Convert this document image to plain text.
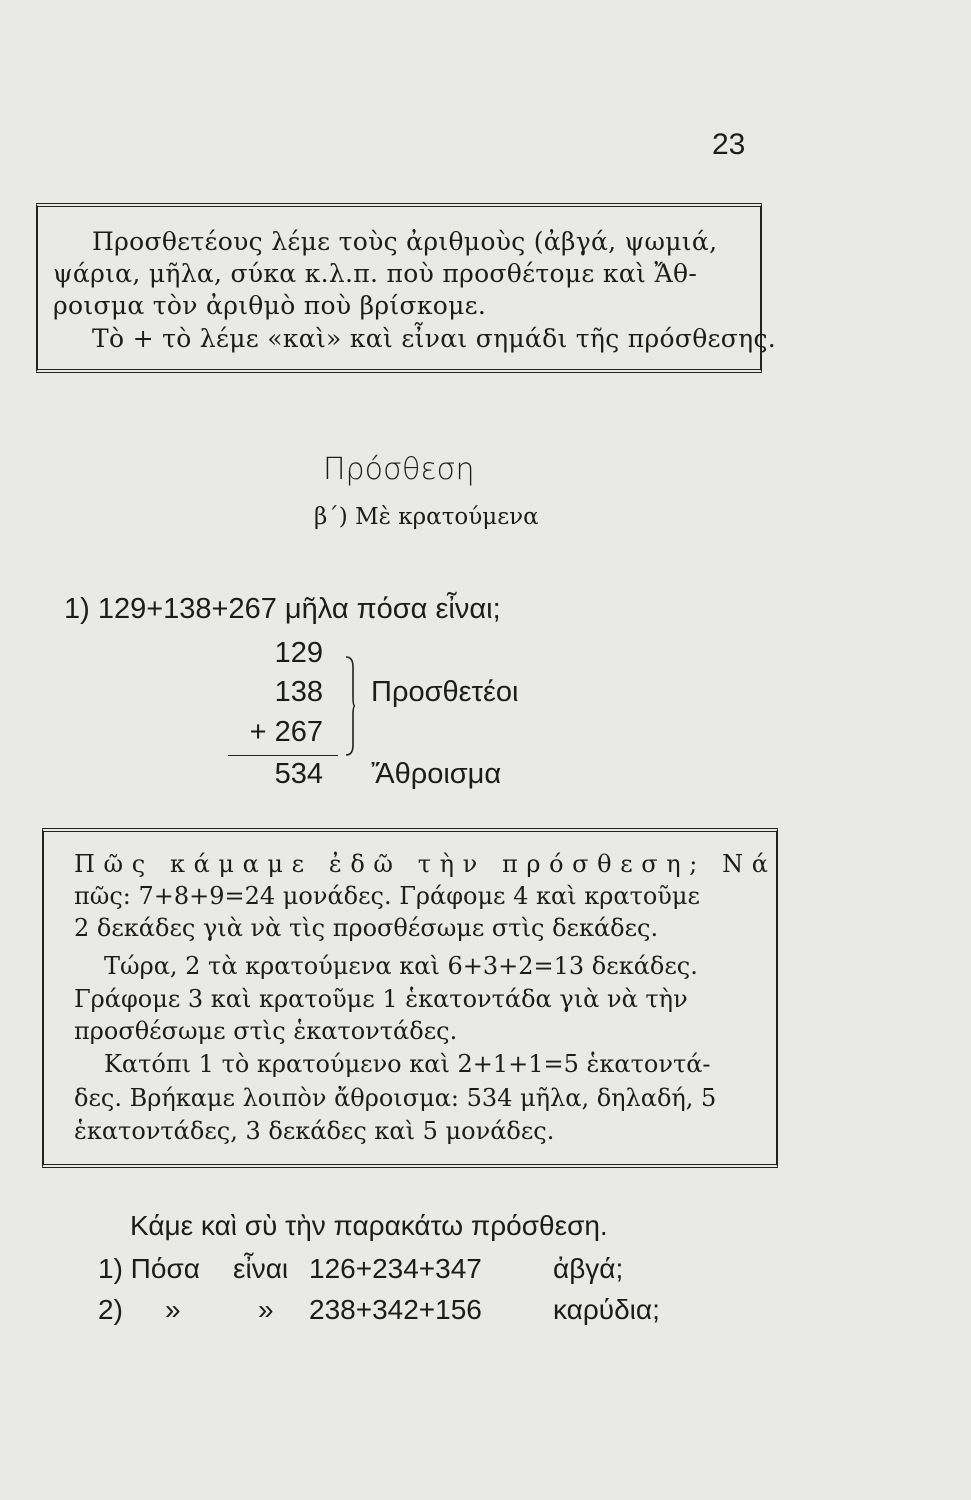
23
Προσθετέους λέμε τοὺς ἀριθμοὺς (ἀβγά, ψωμιά,
ψάρια, μῆλα, σύκα κ.λ.π. ποὺ προσθέτομε καὶ Ἄθ-
ροισμα τὸν ἀριθμὸ ποὺ βρίσκομε.
Τὸ + τὸ λέμε «καὶ» καὶ εἶναι σημάδι τῆς πρόσθεσης.
Πρόσθεση
β΄) Μὲ κρατούμενα
1) 129+138+267 μῆλα πόσα εἶναι;
129
138
+ 267
534
Προσθετέοι
Ἄθροισμα
Πῶς κάμαμε ἐδῶ τὴν πρόσθεση; Νά
πῶς: 7+8+9=24 μονάδες. Γράφομε 4 καὶ κρατοῦμε
2 δεκάδες γιὰ νὰ τὶς προσθέσωμε στὶς δεκάδες.
Τώρα, 2 τὰ κρατούμενα καὶ 6+3+2=13 δεκάδες.
Γράφομε 3 καὶ κρατοῦμε 1 ἑκατοντάδα γιὰ νὰ τὴν
προσθέσωμε στὶς ἑκατοντάδες.
Κατόπι 1 τὸ κρατούμενο καὶ 2+1+1=5 ἑκατοντά-
δες. Βρήκαμε λοιπὸν ἄθροισμα: 534 μῆλα, δηλαδή, 5
ἑκατοντάδες, 3 δεκάδες καὶ 5 μονάδες.
Κάμε καὶ σὺ τὴν παρακάτω πρόσθεση.
1) Πόσα εἶναι 126+234+347	ἀβγά;
2) »	» 238+342+156	καρύδια;
